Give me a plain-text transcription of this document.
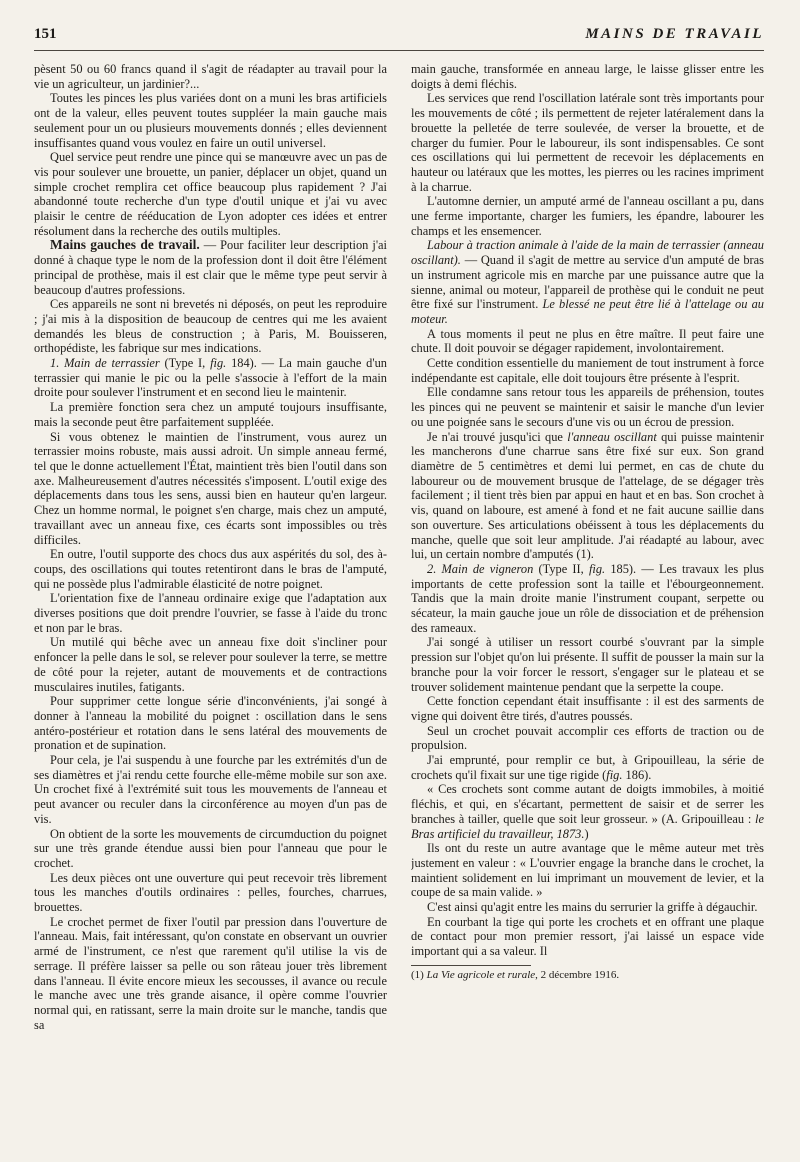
151	MAINS DE TRAVAIL

pèsent 50 ou 60 francs quand il s'agit de réadapter au travail pour la vie un agriculteur, un jardinier?...

Toutes les pinces les plus variées dont on a muni les bras artificiels ont de la valeur, elles peuvent toutes suppléer la main gauche mais seulement pour un ou plusieurs mouvements donnés ; elles deviennent insuffisantes quand vous voulez en faire un outil universel.

Quel service peut rendre une pince qui se manœuvre avec un pas de vis pour soulever une brouette, un panier, déplacer un objet, quand un simple crochet remplira cet office beaucoup plus rapidement ? J'ai abandonné toute recherche d'un type d'outil unique et j'ai vu avec plaisir le centre de rééducation de Lyon adopter ces idées et entrer résolument dans la recherche des outils multiples.

Mains gauches de travail. — Pour faciliter leur description j'ai donné à chaque type le nom de la profession dont il doit être l'élément principal de prothèse, mais il est clair que le même type peut servir à beaucoup d'autres professions.

Ces appareils ne sont ni brevetés ni déposés, on peut les reproduire ; j'ai mis à la disposition de beaucoup de centres qui me les avaient demandés les bleus de construction ; à Paris, M. Bouisseren, orthopédiste, les fabrique sur mes indications.

1. Main de terrassier (Type I, fig. 184). — La main gauche d'un terrassier qui manie le pic ou la pelle s'associe à l'effort de la main droite pour soulever l'instrument et en second lieu le maintenir.

La première fonction sera chez un amputé toujours insuffisante, mais la seconde peut être parfaitement suppléée.

Si vous obtenez le maintien de l'instrument, vous aurez un terrassier moins robuste, mais aussi adroit. Un simple anneau fermé, tel que le donne actuellement l'État, maintient très bien l'outil dans son axe. Malheureusement d'autres nécessités s'imposent. L'outil exige des déplacements dans tous les sens, aussi bien en hauteur qu'en largeur. Chez un homme normal, le poignet s'en charge, mais chez un amputé, travaillant avec un anneau fixe, ces écarts sont impossibles ou très difficiles.

En outre, l'outil supporte des chocs dus aux aspérités du sol, des à-coups, des oscillations qui toutes retentiront dans le bras de l'amputé, qui ne possède plus l'admirable élasticité de notre poignet.

L'orientation fixe de l'anneau ordinaire exige que l'adaptation aux diverses positions que doit prendre l'ouvrier, se fasse à l'aide du tronc et non par le bras.

Un mutilé qui bêche avec un anneau fixe doit s'incliner pour enfoncer la pelle dans le sol, se relever pour soulever la terre, se mettre de côté pour la rejeter, autant de mouvements et de contractions musculaires inutiles, fatigants.

Pour supprimer cette longue série d'inconvénients, j'ai songé à donner à l'anneau la mobilité du poignet : oscillation dans le sens antéro-postérieur et rotation dans le sens latéral des mouvements de pronation et de supination.

Pour cela, je l'ai suspendu à une fourche par les extrémités d'un de ses diamètres et j'ai rendu cette fourche elle-même mobile sur son axe. Un crochet fixé à l'extrémité suit tous les mouvements de l'anneau et peut avancer ou reculer dans la circonférence au moyen d'un pas de vis.

On obtient de la sorte les mouvements de circumduction du poignet sur une très grande étendue aussi bien pour l'anneau que pour le crochet.

Les deux pièces ont une ouverture qui peut recevoir très librement tous les manches d'outils ordinaires : pelles, fourches, charrues, brouettes.

Le crochet permet de fixer l'outil par pression dans l'ouverture de l'anneau. Mais, fait intéressant, qu'on constate en observant un ouvrier armé de l'instrument, ce n'est que rarement qu'il utilise la vis de serrage. Il préfère laisser sa pelle ou son râteau jouer très librement dans l'anneau. Il évite encore mieux les secousses, il avance ou recule le manche avec une très grande aisance, il opère comme l'ouvrier normal qui, en ratissant, serre la main droite sur le manche, tandis que sa

main gauche, transformée en anneau large, le laisse glisser entre les doigts à demi fléchis.

Les services que rend l'oscillation latérale sont très importants pour les mouvements de côté ; ils permettent de rejeter latéralement dans la brouette la pelletée de terre soulevée, de verser la brouette, et de charger du fumier. Pour le laboureur, ils sont indispensables. Ce sont ces oscillations qui lui permettent de recevoir les déplacements en hauteur ou latéraux que les mottes, les pierres ou les racines impriment à la charrue.

L'automne dernier, un amputé armé de l'anneau oscillant a pu, dans une ferme importante, charger les fumiers, les épandre, labourer les champs et les ensemencer.

Labour à traction animale à l'aide de la main de terrassier (anneau oscillant). — Quand il s'agit de mettre au service d'un amputé de bras un instrument agricole mis en marche par une puissance autre que la sienne, animal ou moteur, l'appareil de prothèse qui le conduit ne peut être fixé sur l'instrument. Le blessé ne peut être lié à l'attelage ou au moteur.

A tous moments il peut ne plus en être maître. Il peut faire une chute. Il doit pouvoir se dégager rapidement, involontairement.

Cette condition essentielle du maniement de tout instrument à force indépendante est capitale, elle doit toujours être présente à l'esprit.

Elle condamne sans retour tous les appareils de préhension, toutes les pinces qui ne peuvent se maintenir et saisir le manche d'un levier ou une poignée sans le secours d'une vis ou un écrou de pression.

Je n'ai trouvé jusqu'ici que l'anneau oscillant qui puisse maintenir les mancherons d'une charrue sans être fixé sur eux. Son grand diamètre de 5 centimètres et demi lui permet, en cas de chute du laboureur ou de mouvement brusque de l'attelage, de se dégager très facilement ; il tient très bien par appui en haut et en bas. Son crochet à vis, quand on laboure, est amené à fond et ne fait aucune saillie dans son ouverture. Ses articulations obéissent à tous les déplacements du manche, quelle que soit leur amplitude. J'ai réadapté au labour, avec lui, un certain nombre d'amputés (1).

2. Main de vigneron (Type II, fig. 185). — Les travaux les plus importants de cette profession sont la taille et l'ébourgeonnement. Tandis que la main droite manie l'instrument coupant, serpette ou sécateur, la main gauche joue un rôle de dissociation et de préhension des rameaux.

J'ai songé à utiliser un ressort courbé s'ouvrant par la simple pression sur l'objet qu'on lui présente. Il suffit de pousser la main sur la branche pour la voir forcer le ressort, s'engager sur le plateau et se trouver solidement maintenue pendant que la serpette la coupe.

Cette fonction cependant était insuffisante : il est des sarments de vigne qui doivent être tirés, d'autres poussés.

Seul un crochet pouvait accomplir ces efforts de traction ou de propulsion.

J'ai emprunté, pour remplir ce but, à Gripouilleau, la série de crochets qu'il fixait sur une tige rigide (fig. 186).

« Ces crochets sont comme autant de doigts immobiles, à moitié fléchis, et qui, en s'écartant, permettent de saisir et de serrer les branches à tailler, quelle que soit leur grosseur. » (A. Gripouilleau : le Bras artificiel du travailleur, 1873.)

Ils ont du reste un autre avantage que le même auteur met très justement en valeur : « L'ouvrier engage la branche dans le crochet, la maintient solidement en lui imprimant un mouvement de levier, et la coupe de sa main valide. »

C'est ainsi qu'agit entre les mains du serrurier la griffe à dégauchir.

En courbant la tige qui porte les crochets et en offrant une plaque de contact pour mon premier ressort, j'ai laissé un espace vide important qui a sa valeur. Il

(1) La Vie agricole et rurale, 2 décembre 1916.
